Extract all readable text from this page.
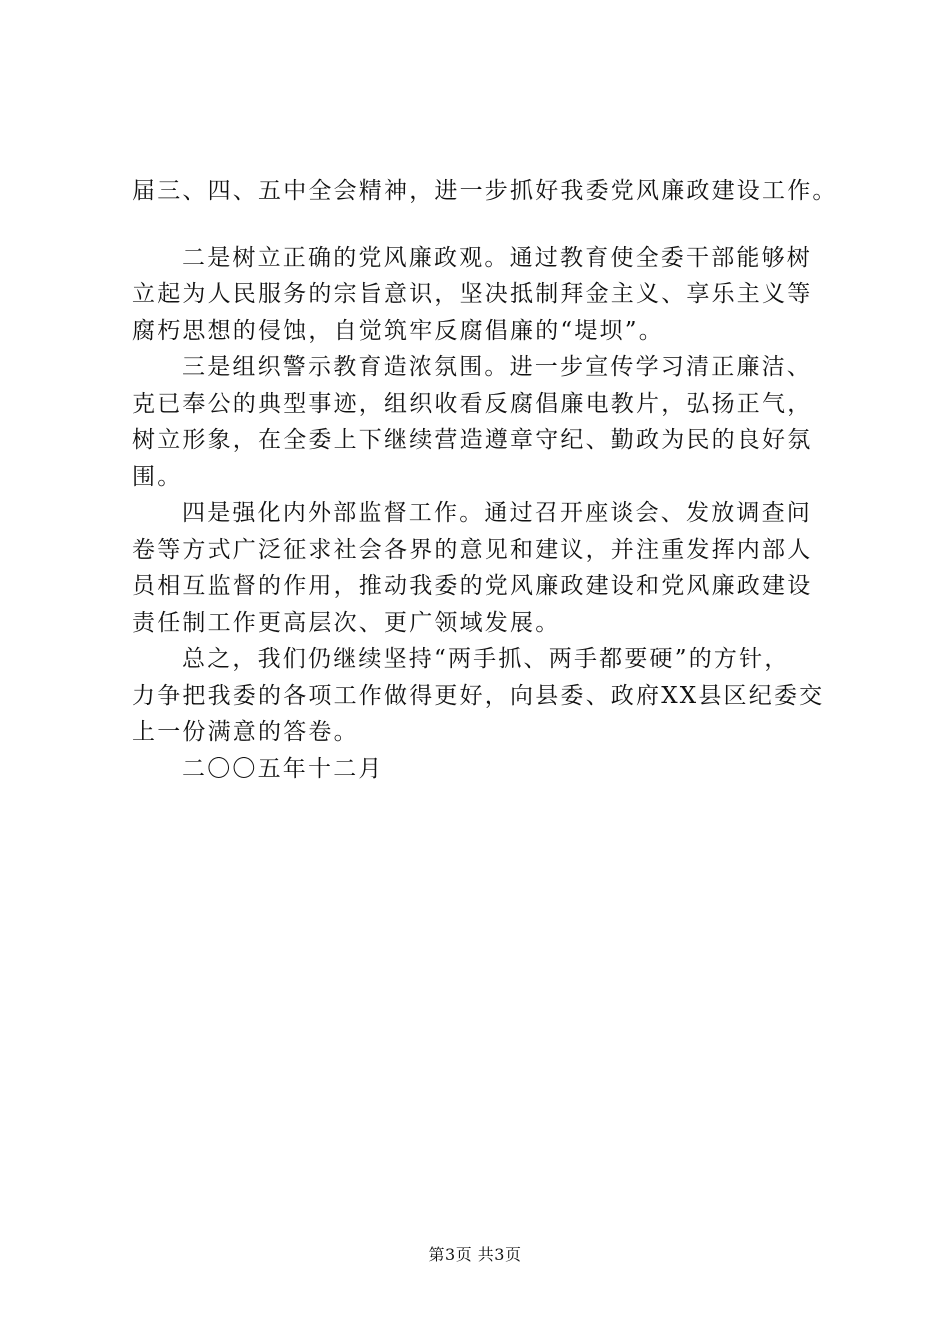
届三、四、五中全会精神，进一步抓好我委党风廉政建设工作。
二是树立正确的党风廉政观。通过教育使全委干部能够树
立起为人民服务的宗旨意识，坚决抵制拜金主义、享乐主义等
腐朽思想的侵蚀，自觉筑牢反腐倡廉的“堤坝”。
三是组织警示教育造浓氛围。进一步宣传学习清正廉洁、
克已奉公的典型事迹，组织收看反腐倡廉电教片，弘扬正气，
树立形象，在全委上下继续营造遵章守纪、勤政为民的良好氛
围。
四是强化内外部监督工作。通过召开座谈会、发放调查问
卷等方式广泛征求社会各界的意见和建议，并注重发挥内部人
员相互监督的作用，推动我委的党风廉政建设和党风廉政建设
责任制工作更高层次、更广领域发展。
总之，我们仍继续坚持“两手抓、两手都要硬”的方针，
力争把我委的各项工作做得更好，向县委、政府XX县区纪委交
上一份满意的答卷。
二〇〇五年十二月
第3页 共3页
